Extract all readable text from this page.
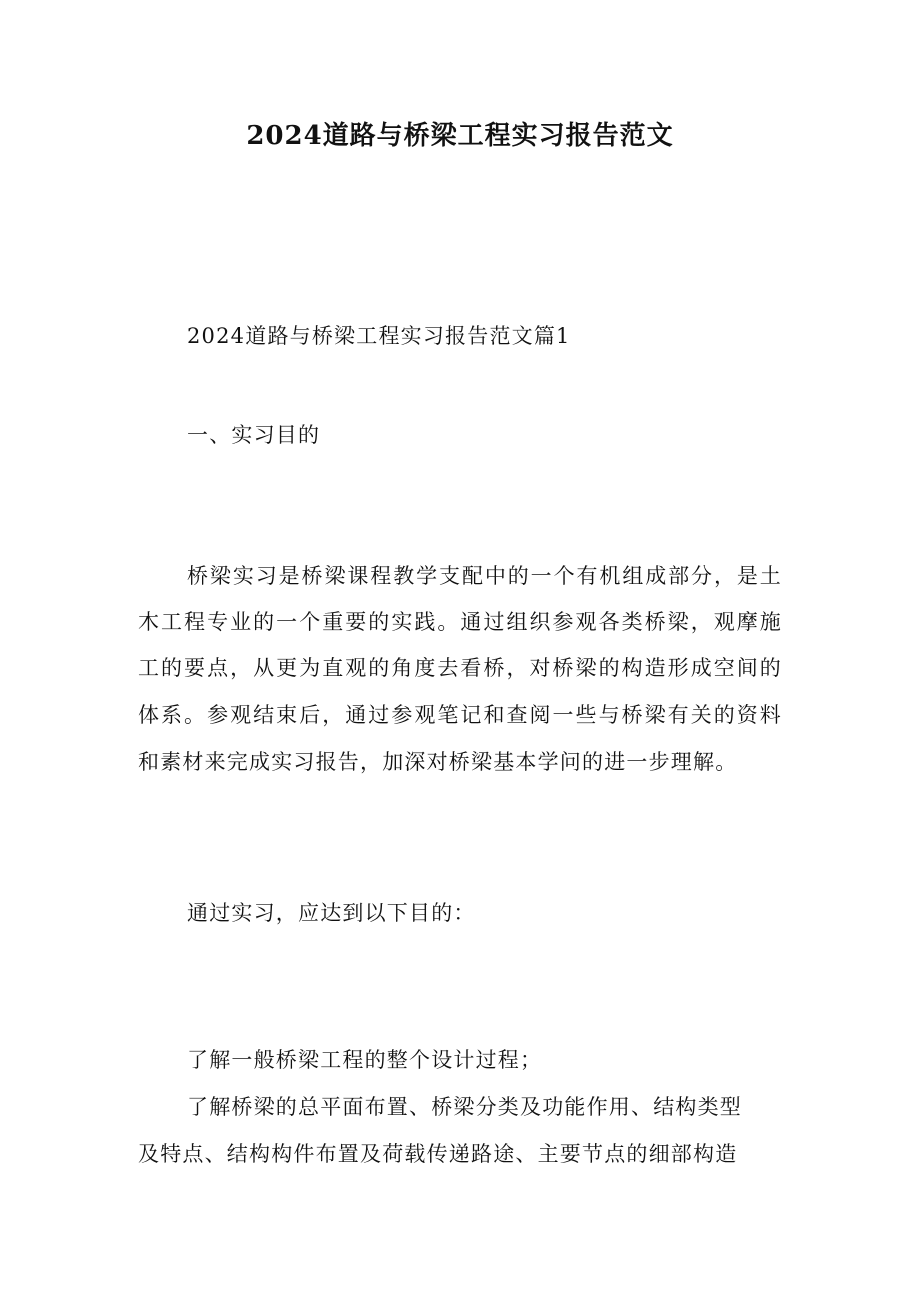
2024道路与桥梁工程实习报告范文
2024道路与桥梁工程实习报告范文篇1
一、实习目的
桥梁实习是桥梁课程教学支配中的一个有机组成部分，是土
木工程专业的一个重要的实践。通过组织参观各类桥梁，观摩施
工的要点，从更为直观的角度去看桥，对桥梁的构造形成空间的
体系。参观结束后，通过参观笔记和查阅一些与桥梁有关的资料
和素材来完成实习报告，加深对桥梁基本学问的进一步理解。
通过实习，应达到以下目的：
了解一般桥梁工程的整个设计过程；
了解桥梁的总平面布置、桥梁分类及功能作用、结构类型
及特点、结构构件布置及荷载传递路途、主要节点的细部构造
